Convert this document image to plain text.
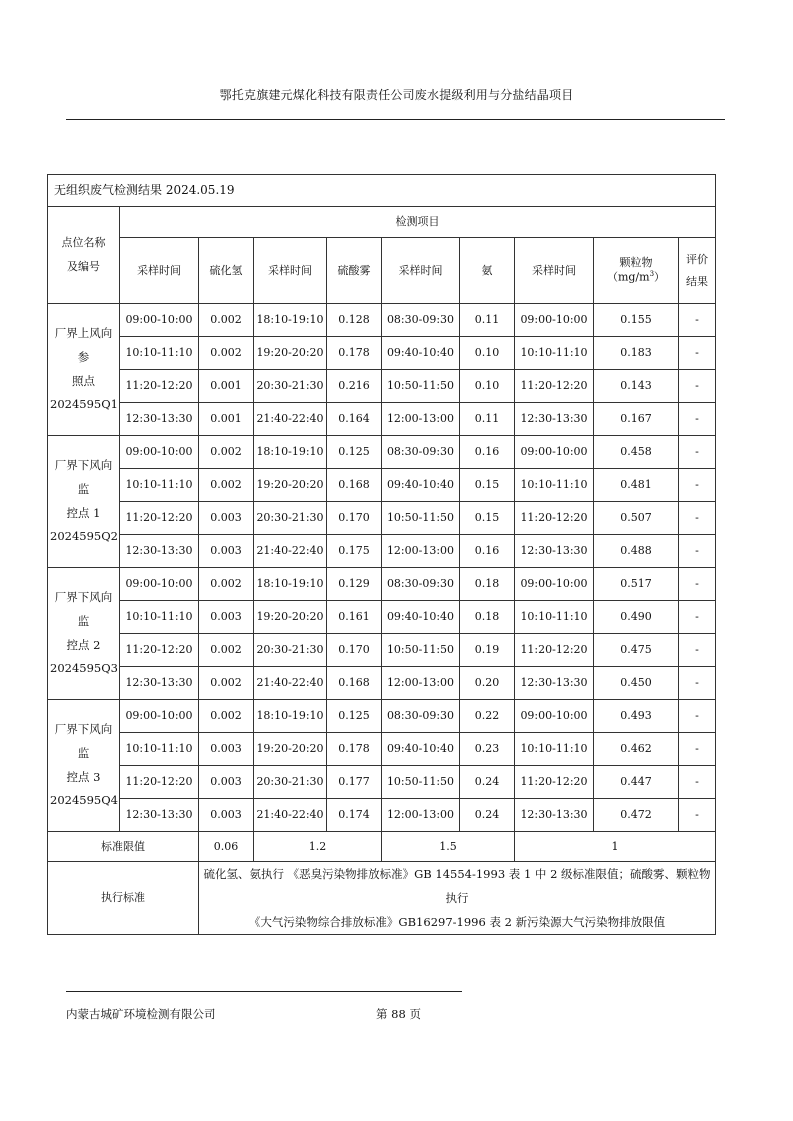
鄂托克旗建元煤化科技有限责任公司废水提级利用与分盐结晶项目
无组织废气检测结果 2024.05.19									
点位名称
及编号	检测项目								
	采样时间	硫化氢	采样时间	硫酸雾	采样时间	氨	采样时间	颗粒物$(mg/m^3)$	评价
结果
厂界上风向参
照点
2024595Q1	09:00-10:00	0.002	18:10-19:10	0.128	08:30-09:30	0.11	09:00-10:00	0.155	-
	10:10-11:10	0.002	19:20-20:20	0.178	09:40-10:40	0.10	10:10-11:10	0.183	-
	11:20-12:20	0.001	20:30-21:30	0.216	10:50-11:50	0.10	11:20-12:20	0.143	-
	12:30-13:30	0.001	21:40-22:40	0.164	12:00-13:00	0.11	12:30-13:30	0.167	-
厂界下风向监
控点 1
2024595Q2	09:00-10:00	0.002	18:10-19:10	0.125	08:30-09:30	0.16	09:00-10:00	0.458	-
	10:10-11:10	0.002	19:20-20:20	0.168	09:40-10:40	0.15	10:10-11:10	0.481	-
	11:20-12:20	0.003	20:30-21:30	0.170	10:50-11:50	0.15	11:20-12:20	0.507	-
	12:30-13:30	0.003	21:40-22:40	0.175	12:00-13:00	0.16	12:30-13:30	0.488	-
厂界下风向监
控点 2
2024595Q3	09:00-10:00	0.002	18:10-19:10	0.129	08:30-09:30	0.18	09:00-10:00	0.517	-
	10:10-11:10	0.003	19:20-20:20	0.161	09:40-10:40	0.18	10:10-11:10	0.490	-
	11:20-12:20	0.002	20:30-21:30	0.170	10:50-11:50	0.19	11:20-12:20	0.475	-
	12:30-13:30	0.002	21:40-22:40	0.168	12:00-13:00	0.20	12:30-13:30	0.450	-
厂界下风向监
控点 3
2024595Q4	09:00-10:00	0.002	18:10-19:10	0.125	08:30-09:30	0.22	09:00-10:00	0.493	-
	10:10-11:10	0.003	19:20-20:20	0.178	09:40-10:40	0.23	10:10-11:10	0.462	-
	11:20-12:20	0.003	20:30-21:30	0.177	10:50-11:50	0.24	11:20-12:20	0.447	-
	12:30-13:30	0.003	21:40-22:40	0.174	12:00-13:00	0.24	12:30-13:30	0.472	-
标准限值		0.06	1.2		1.5		1		
执行标准		硫化氢、氨执行 《恶臭污染物排放标准》GB 14554-1993 表 1 中 2 级标准限值；硫酸雾、颗粒物执行
《大气污染物综合排放标准》GB16297-1996 表 2 新污染源大气污染物排放限值							
内蒙古城矿环境检测有限公司	第 88 页
